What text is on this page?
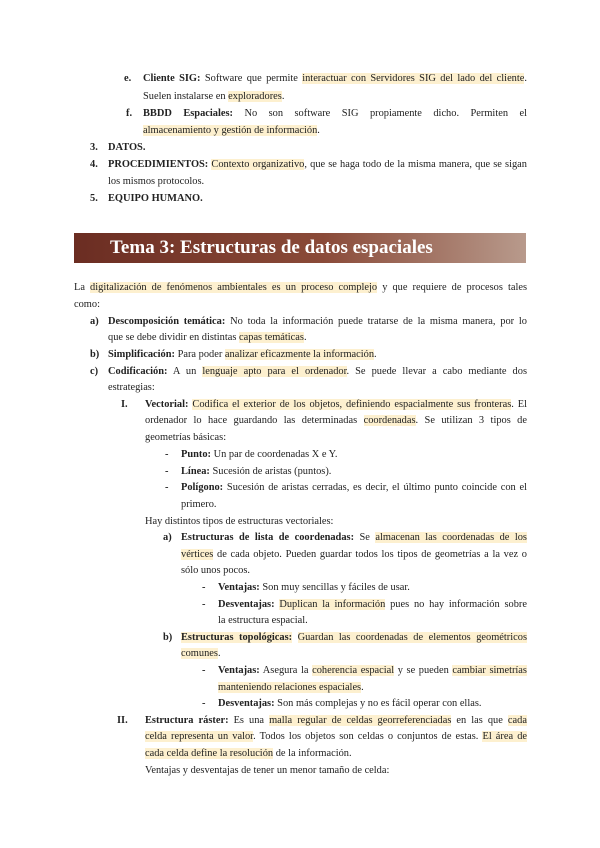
e. Cliente SIG: Software que permite interactuar con Servidores SIG del lado del cliente.
Suelen instalarse en exploradores.
f. BBDD Espaciales: No son software SIG propiamente dicho. Permiten el
almacenamiento y gestión de información.
3. DATOS.
4. PROCEDIMIENTOS: Contexto organizativo, que se haga todo de la misma manera, que se sigan
los mismos protocolos.
5. EQUIPO HUMANO.
Tema 3: Estructuras de datos espaciales
La digitalización de fenómenos ambientales es un proceso complejo y que requiere de procesos tales
como:
a) Descomposición temática: No toda la información puede tratarse de la misma manera, por lo
que se debe dividir en distintas capas temáticas.
b) Simplificación: Para poder analizar eficazmente la información.
c) Codificación: A un lenguaje apto para el ordenador. Se puede llevar a cabo mediante dos
estrategias:
I. Vectorial: Codifica el exterior de los objetos, definiendo espacialmente sus fronteras. El
ordenador lo hace guardando las determinadas coordenadas. Se utilizan 3 tipos de
geometrías básicas:
- Punto: Un par de coordenadas X e Y.
- Línea: Sucesión de aristas (puntos).
- Polígono: Sucesión de aristas cerradas, es decir, el último punto coincide con el
primero.
Hay distintos tipos de estructuras vectoriales:
a) Estructuras de lista de coordenadas: Se almacenan las coordenadas de los
vértices de cada objeto. Pueden guardar todos los tipos de geometrías a la vez o
sólo unos pocos.
- Ventajas: Son muy sencillas y fáciles de usar.
- Desventajas: Duplican la información pues no hay información sobre
la estructura espacial.
b) Estructuras topológicas: Guardan las coordenadas de elementos geométricos
comunes.
- Ventajas: Asegura la coherencia espacial y se pueden cambiar simetrías
manteniendo relaciones espaciales.
- Desventajas: Son más complejas y no es fácil operar con ellas.
II. Estructura ráster: Es una malla regular de celdas georreferenciadas en las que cada
celda representa un valor. Todos los objetos son celdas o conjuntos de estas. El área de
cada celda define la resolución de la información.
Ventajas y desventajas de tener un menor tamaño de celda:
